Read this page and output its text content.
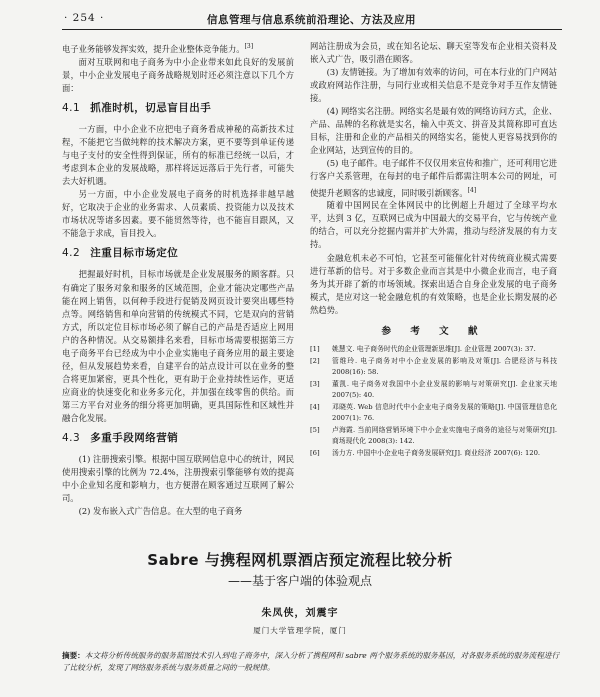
· 254 ·	信息管理与信息系统前沿理论、方法及应用

电子业务能够发挥实效，提升企业整体竞争能力。[3]

面对互联网和电子商务为中小企业带来如此良好的发展前景，中小企业发展电子商务战略规划时还必须注意以下几个方面：

4.1 抓准时机，切忌盲目出手

一方面，中小企业不应把电子商务看成神秘的高新技术过程，不能把它当做纯粹的技术解决方案，更不要等到单证传递与电子支付的安全性得到保证，所有的标准已经统一以后，才考虑到本企业的发展战略，那样将远远落后于先行者，可能失去大好机遇。

另一方面，中小企业发展电子商务的时机选择非越早越好，它取决于企业的业务需求、人员素质、投资能力以及技术市场状况等诸多因素。要不能贸然等待，也不能盲目跟风，又不能急于求成，盲目投入。

4.2 注重目标市场定位

把握最好时机，目标市场就是企业发展服务的顾客群。只有确定了服务对象和服务的区域范围，企业才能决定哪些产品能在网上销售，以何种手段进行促销及网页设计要突出哪些特点等。网络销售和单向营销的传统模式不同，它是双向的营销方式，所以定位目标市场必须了解自己的产品是否适应上网用户的各种情况。从交易额排名来看，目标市场需要根据第三方电子商务平台已经成为中小企业实施电子商务应用的最主要途径，但从发展趋势来看，自建平台的站点设计可以在业务的整合将更加紧密，更具个性化，更有助于企业持续性运作，更适应商业的快速变化和业务多元化，并加强在线零售的供给。而第三方平台对业务的细分将更加明确，更具国际性和区域性并融合化发展。

4.3 多重手段网络营销

(1) 注册搜索引擎。根据中国互联网信息中心的统计，网民使用搜索引擎的比例为 72.4%，注册搜索引擎能够有效的提高中小企业知名度和影响力，也方便潜在顾客通过互联网了解公司。

(2) 发布嵌入式广告信息。在大型的电子商务

网站注册成为会员，或在知名论坛、聊天室等发布企业相关资料及嵌入式广告，吸引潜在顾客。

(3) 友情链接。为了增加有效率的访问，可在本行业的门户网站或政府网站作注册，与同行业或相关信息不是竞争对手互作友情链接。

(4) 网络实名注册。网络实名是最有效的网络访问方式，企业、产品、品牌的名称就是实名，输入中英文、拼音及其简称即可直达目标，注册和企业的产品相关的网络实名，能使人更容易找到你的企业网站，达到宣传的目的。

(5) 电子邮件。电子邮件不仅仅用来宣传和推广，还可利用它进行客户关系管理，在每封的电子邮件后都需注明本公司的网址，可使提升老顾客的忠诚度，同时吸引新顾客。[4]

随着中国网民在全体网民中的比例超上升超过了全球平均水平，达到 3 亿，互联网已成为中国最大的交易平台，它与传统产业的结合，可以充分挖掘内需并扩大外需，推动与经济发展的有力支持。

金融危机未必不可怕，它甚至可能催化针对传统商业模式需要进行革新的信号。对于多数企业而言其是中小微企业而言，电子商务为其开辟了新的市场领域。探索出适合自身企业发展的电子商务模式，是应对这一轮金融危机的有效策略，也是企业长期发展的必然趋势。

参 考 文 献
[1]	姚慧文. 电子商务时代的企业管理新思维[J]. 企业管理 2007(3): 37.
[2]	管维玲. 电子商务对中小企业发展的影响及对策[J]. 合肥经济与科技 2008(16): 58.
[3]	董凯. 电子商务对我国中小企业发展的影响与对策研究[J]. 企业家天地 2007(5): 40.
[4]	邓晓英. Web 信息时代中小企业电子商务发展的策略[J]. 中国管理信息化 2007(1): 76.
[5]	卢海霞. 当前网络营销环境下中小企业实施电子商务的途径与对策研究[J]. 商场现代化 2008(3): 142.
[6]	汤力方. 中国中小企业电子商务发展研究[J]. 商业经济 2007(6): 120.
Sabre 与携程网机票酒店预定流程比较分析
——基于客户端的体验观点
朱凤侠，刘震宇
厦门大学管理学院，厦门
摘要：本文将分析传统服务的服务蓝图技术引入到电子商务中，深入分析了携程网和 sabre 两个服务系统的服务基因，对各服务系统的服务流程进行了比较分析，发现了网络服务系统与服务质量之间的一般规律。
